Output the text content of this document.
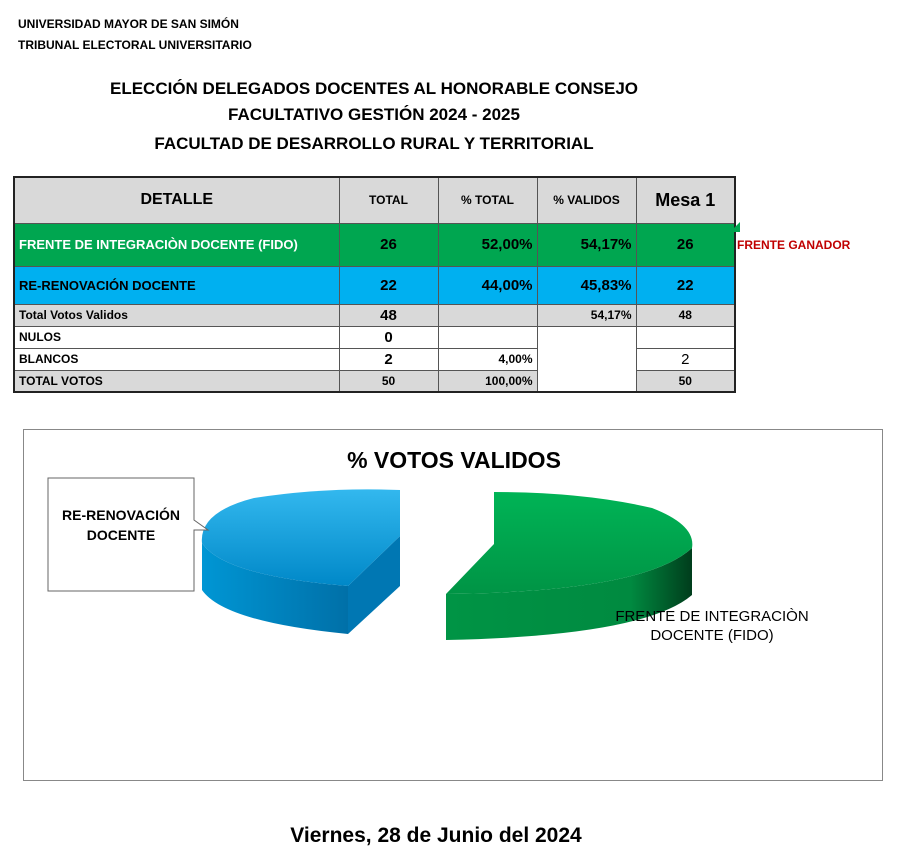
UNIVERSIDAD MAYOR DE SAN SIMÓN
TRIBUNAL ELECTORAL UNIVERSITARIO
ELECCIÓN DELEGADOS DOCENTES AL HONORABLE CONSEJO
FACULTATIVO GESTIÓN 2024 - 2025
FACULTAD DE DESARROLLO RURAL Y TERRITORIAL
DETALLE	TOTAL	% TOTAL	% VALIDOS	Mesa 1
FRENTE DE INTEGRACIÒN DOCENTE (FIDO)	26	52,00%	54,17%	26
RE-RENOVACIÓN DOCENTE	22	44,00%	45,83%	22
Total Votos Validos	48		54,17%	48
NULOS	0			
BLANCOS	2	4,00%		2
TOTAL VOTOS	50	100,00%		50
FRENTE GANADOR
% VOTOS VALIDOS
RE-RENOVACIÓN
DOCENTE
FRENTE DE INTEGRACIÒN
DOCENTE (FIDO)
Viernes, 28 de Junio del 2024
